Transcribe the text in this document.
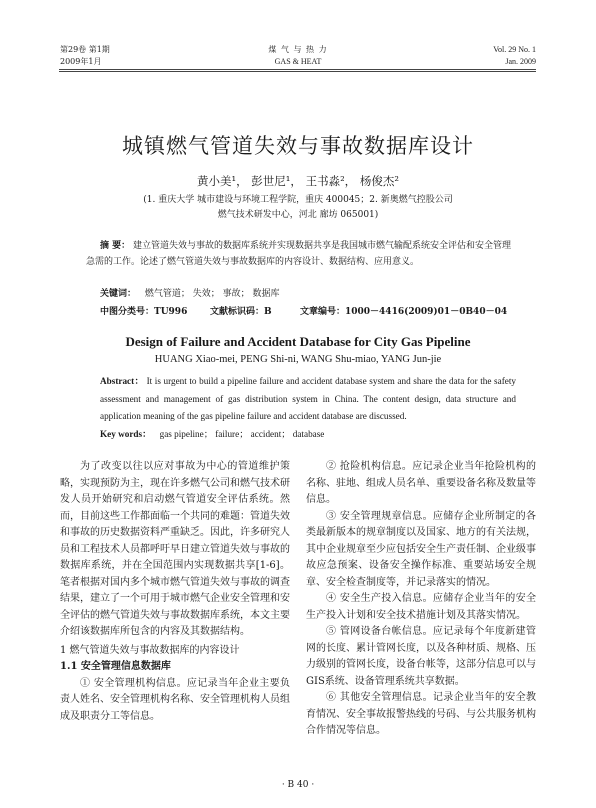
第29卷 第1期
2009年1月
煤 气 与 热 力
GAS & HEAT
Vol. 29 No. 1
Jan. 2009
城镇燃气管道失效与事故数据库设计
黄小美¹， 彭世尼¹， 王书淼²， 杨俊杰²
(1. 重庆大学 城市建设与环境工程学院，重庆 400045；2. 新奥燃气控股公司
燃气技术研发中心，河北 廊坊 065001)
摘 要： 建立管道失效与事故的数据库系统并实现数据共享是我国城市燃气输配系统安全评估和安全管理急需的工作。论述了燃气管道失效与事故数据库的内容设计、数据结构、应用意义。
关键词： 燃气管道； 失效； 事故； 数据库
中图分类号：TU996	文献标识码：B	文章编号：1000－4416(2009)01－0B40－04
Design of Failure and Accident Database for City Gas Pipeline
HUANG Xiao-mei, PENG Shi-ni, WANG Shu-miao, YANG Jun-jie
Abstract： It is urgent to build a pipeline failure and accident database system and share the data for the safety assessment and management of gas distribution system in China. The content design, data structure and application meaning of the gas pipeline failure and accident database are discussed.
Key words： gas pipeline； failure； accident； database

为了改变以往以应对事故为中心的管道维护策略，实现预防为主，现在许多燃气公司和燃气技术研发人员开始研究和启动燃气管道安全评估系统。然而，目前这些工作都面临一个共同的难题：管道失效和事故的历史数据资料严重缺乏。因此，许多研究人员和工程技术人员都呼吁早日建立管道失效与事故的数据库系统，并在全国范围内实现数据共享[1-6]。笔者根据对国内多个城市燃气管道失效与事故的调查结果，建立了一个可用于城市燃气企业安全管理和安全评估的燃气管道失效与事故数据库系统，本文主要介绍该数据库所包含的内容及其数据结构。

1 燃气管道失效与事故数据库的内容设计
1.1 安全管理信息数据库

① 安全管理机构信息。应记录当年企业主要负责人姓名、安全管理机构名称、安全管理机构人员组成及职责分工等信息。

② 抢险机构信息。应记录企业当年抢险机构的名称、驻地、组成人员名单、重要设备名称及数量等信息。

③ 安全管理规章信息。应储存企业所制定的各类最新版本的规章制度以及国家、地方的有关法规，其中企业规章至少应包括安全生产责任制、企业级事故应急预案、设备安全操作标准、重要站场安全规章、安全检查制度等，并记录落实的情况。

④ 安全生产投入信息。应储存企业当年的安全生产投入计划和安全技术措施计划及其落实情况。

⑤ 管网设备台帐信息。应记录每个年度新建管网的长度、累计管网长度，以及各种材质、规格、压力级别的管网长度，设备台帐等，这部分信息可以与GIS系统、设备管理系统共享数据。

⑥ 其他安全管理信息。记录企业当年的安全教育情况、安全事故报警热线的号码、与公共服务机构合作情况等信息。

· B 40 ·
